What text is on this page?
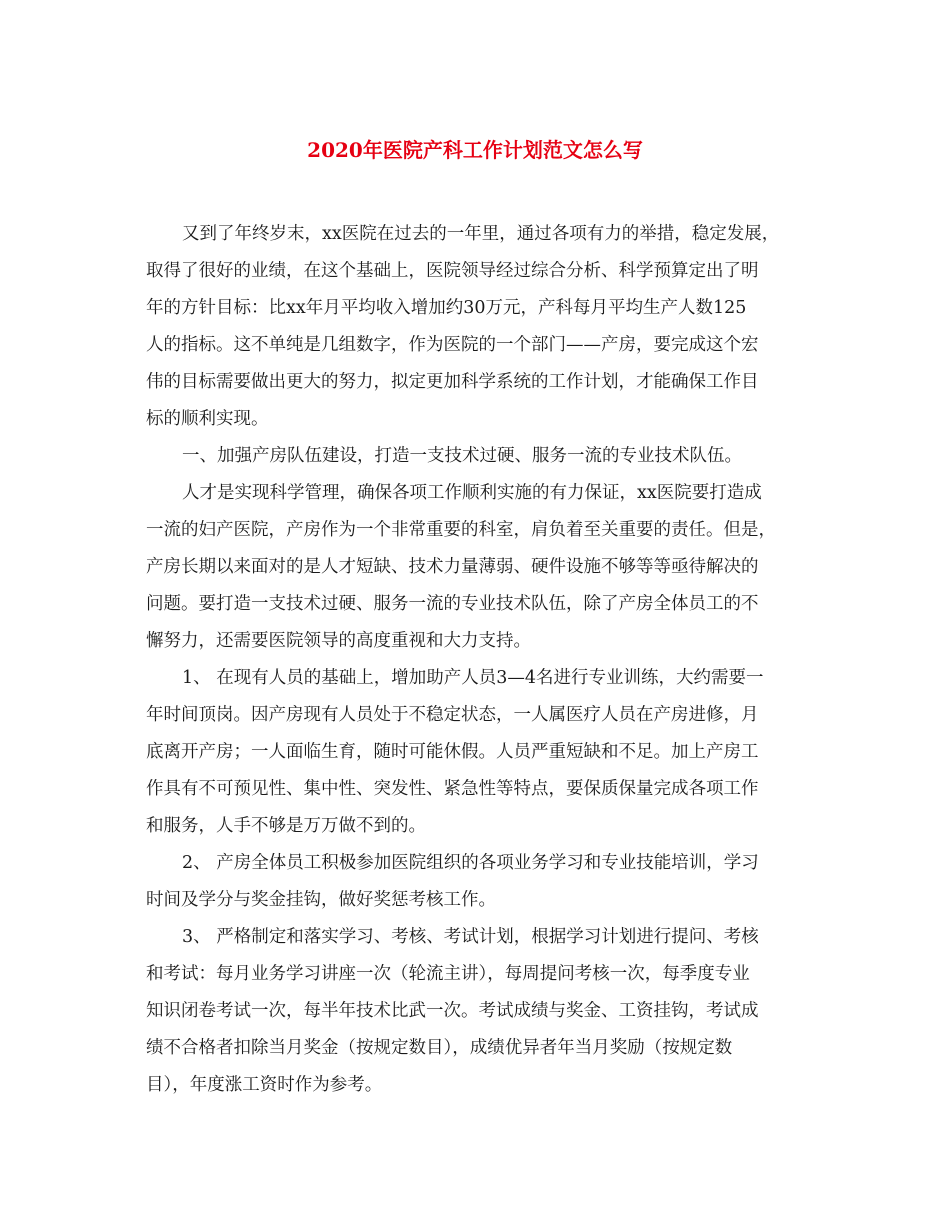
2020年医院产科工作计划范文怎么写
又到了年终岁末，xx医院在过去的一年里，通过各项有力的举措，稳定发展，
取得了很好的业绩，在这个基础上，医院领导经过综合分析、科学预算定出了明
年的方针目标：比xx年月平均收入增加约30万元，产科每月平均生产人数125
人的指标。这不单纯是几组数字，作为医院的一个部门——产房，要完成这个宏
伟的目标需要做出更大的努力，拟定更加科学系统的工作计划，才能确保工作目
标的顺利实现。
一、加强产房队伍建设，打造一支技术过硬、服务一流的专业技术队伍。
人才是实现科学管理，确保各项工作顺利实施的有力保证，xx医院要打造成
一流的妇产医院，产房作为一个非常重要的科室，肩负着至关重要的责任。但是，
产房长期以来面对的是人才短缺、技术力量薄弱、硬件设施不够等等亟待解决的
问题。要打造一支技术过硬、服务一流的专业技术队伍，除了产房全体员工的不
懈努力，还需要医院领导的高度重视和大力支持。
1、 在现有人员的基础上，增加助产人员3—4名进行专业训练，大约需要一
年时间顶岗。因产房现有人员处于不稳定状态，一人属医疗人员在产房进修，月
底离开产房；一人面临生育，随时可能休假。人员严重短缺和不足。加上产房工
作具有不可预见性、集中性、突发性、紧急性等特点，要保质保量完成各项工作
和服务，人手不够是万万做不到的。
2、 产房全体员工积极参加医院组织的各项业务学习和专业技能培训，学习
时间及学分与奖金挂钩，做好奖惩考核工作。
3、 严格制定和落实学习、考核、考试计划，根据学习计划进行提问、考核
和考试：每月业务学习讲座一次（轮流主讲），每周提问考核一次，每季度专业
知识闭卷考试一次，每半年技术比武一次。考试成绩与奖金、工资挂钩，考试成
绩不合格者扣除当月奖金（按规定数目），成绩优异者年当月奖励（按规定数
目），年度涨工资时作为参考。
